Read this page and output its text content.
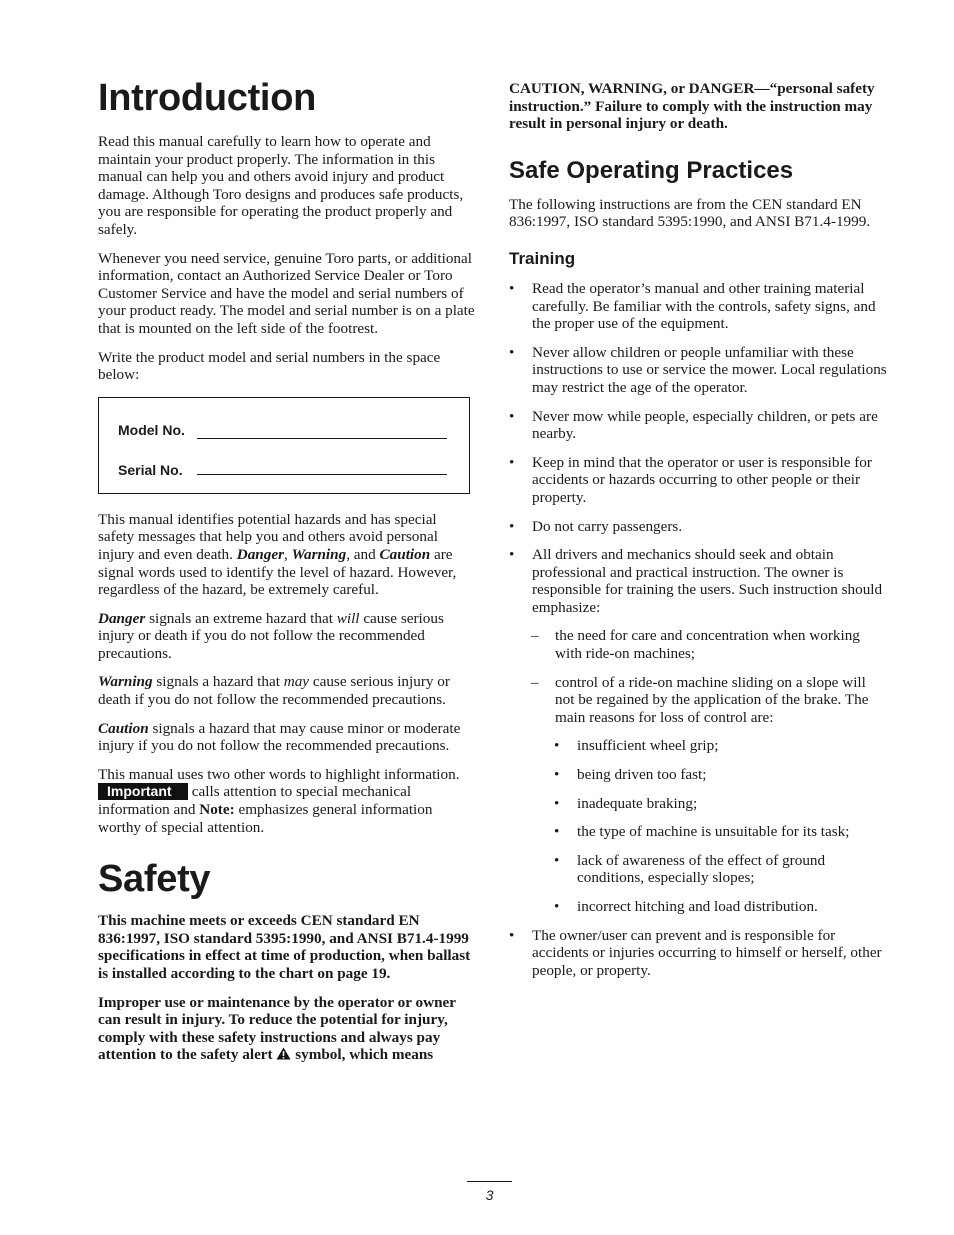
Introduction

Read this manual carefully to learn how to operate and maintain your product properly. The information in this manual can help you and others avoid injury and product damage. Although Toro designs and produces safe products, you are responsible for operating the product properly and safely.

Whenever you need service, genuine Toro parts, or additional information, contact an Authorized Service Dealer or Toro Customer Service and have the model and serial numbers of your product ready. The model and serial number is on a plate that is mounted on the left side of the footrest.

Write the product model and serial numbers in the space below:

Model No.
Serial No.

This manual identifies potential hazards and has special safety messages that help you and others avoid personal injury and even death. Danger, Warning, and Caution are signal words used to identify the level of hazard. However, regardless of the hazard, be extremely careful.

Danger signals an extreme hazard that will cause serious injury or death if you do not follow the recommended precautions.

Warning signals a hazard that may cause serious injury or death if you do not follow the recommended precautions.

Caution signals a hazard that may cause minor or moderate injury if you do not follow the recommended precautions.

This manual uses two other words to highlight information.
Important calls attention to special mechanical information and Note: emphasizes general information worthy of special attention.

Safety

This machine meets or exceeds CEN standard EN 836:1997, ISO standard 5395:1990, and ANSI B71.4-1999 specifications in effect at time of production, when ballast is installed according to the chart on page 19.

Improper use or maintenance by the operator or owner can result in injury. To reduce the potential for injury, comply with these safety instructions and always pay attention to the safety alert  symbol, which means

CAUTION, WARNING, or DANGER—“personal safety instruction.” Failure to comply with the instruction may result in personal injury or death.

Safe Operating Practices

The following instructions are from the CEN standard EN 836:1997, ISO standard 5395:1990, and ANSI B71.4-1999.

Training
• Read the operator’s manual and other training material carefully. Be familiar with the controls, safety signs, and the proper use of the equipment.
• Never allow children or people unfamiliar with these instructions to use or service the mower. Local regulations may restrict the age of the operator.
• Never mow while people, especially children, or pets are nearby.
• Keep in mind that the operator or user is responsible for accidents or hazards occurring to other people or their property.
• Do not carry passengers.
• All drivers and mechanics should seek and obtain professional and practical instruction. The owner is responsible for training the users. Such instruction should emphasize:
– the need for care and concentration when working with ride-on machines;
– control of a ride-on machine sliding on a slope will not be regained by the application of the brake. The main reasons for loss of control are:
• insufficient wheel grip;
• being driven too fast;
• inadequate braking;
• the type of machine is unsuitable for its task;
• lack of awareness of the effect of ground conditions, especially slopes;
• incorrect hitching and load distribution.
• The owner/user can prevent and is responsible for accidents or injuries occurring to himself or herself, other people, or property.
3
